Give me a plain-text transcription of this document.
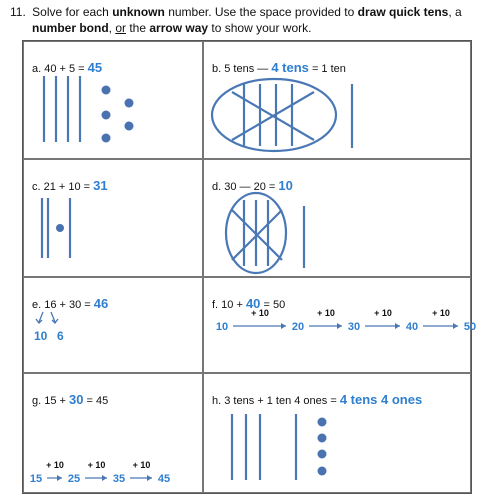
11. Solve for each unknown number. Use the space provided to draw quick tens, a
number bond, or the arrow way to show your work.
a. 40 + 5 = 45	b. 5 tens — 4 tens = 1 ten
c. 21 + 10 = 31	d. 30 — 20 = 10
e. 16 + 30 = 46
10 6
f. 10 + 40 = 50
10
+ 10
20
+ 10
30
+ 10
40
+ 10
50
g. 15 + 30 = 45
15
+ 10
25
+ 10
35
+ 10
45
h. 3 tens + 1 ten 4 ones = 4 tens 4 ones
